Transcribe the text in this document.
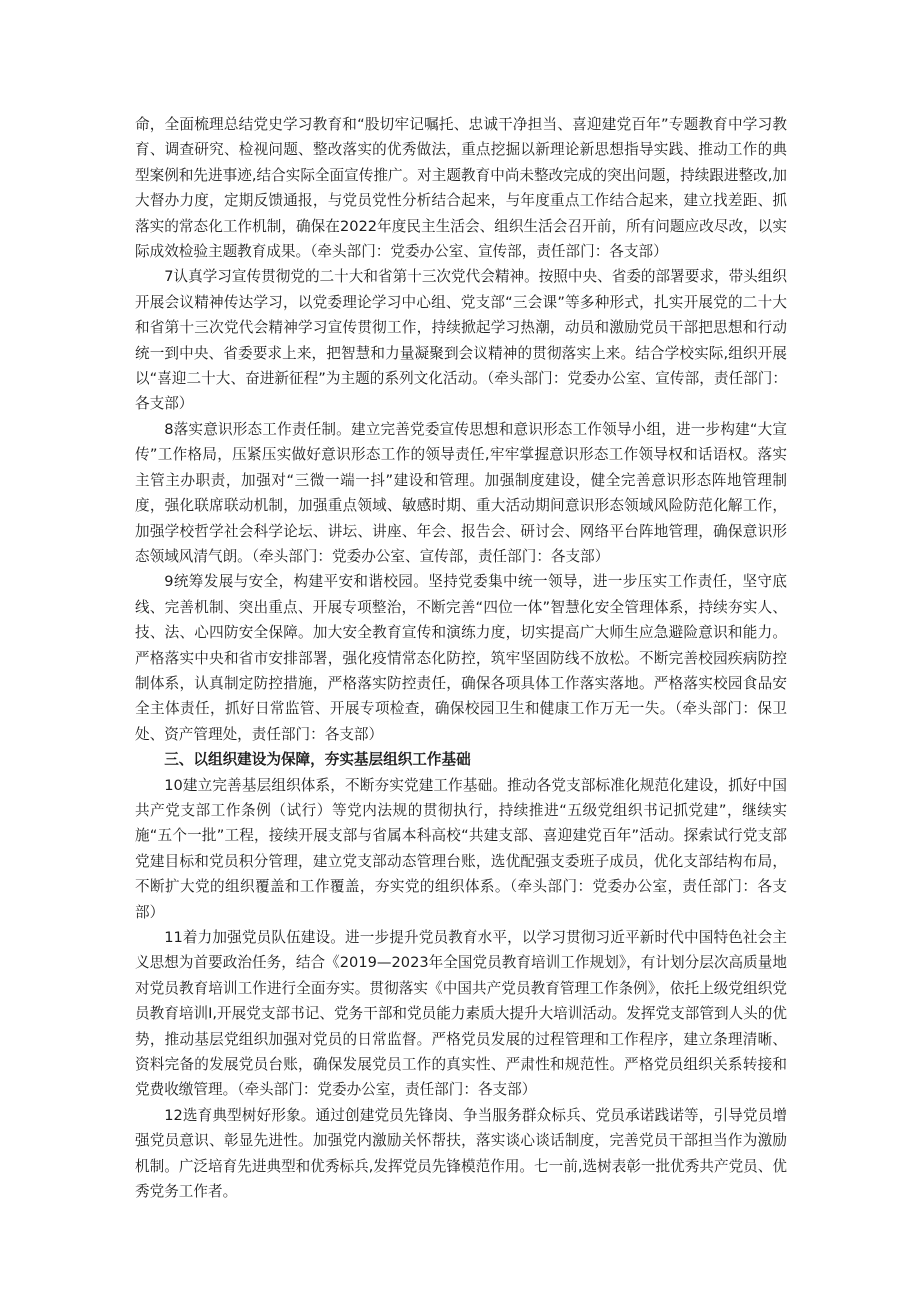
命，全面梳理总结党史学习教育和“股切牢记嘱托、忠诚干净担当、喜迎建党百年”专题教育中学习教育、调查研究、检视问题、整改落实的优秀做法，重点挖掘以新理论新思想指导实践、推动工作的典型案例和先进事迹,结合实际全面宣传推广。对主题教育中尚未整改完成的突出问题，持续跟进整改,加大督办力度，定期反馈通报，与党员党性分析结合起来，与年度重点工作结合起来，建立找差距、抓落实的常态化工作机制，确保在2022年度民主生活会、组织生活会召开前，所有问题应改尽改，以实际成效检验主题教育成果。（牵头部门：党委办公室、宣传部，责任部门：各支部）

7认真学习宣传贯彻党的二十大和省第十三次党代会精神。按照中央、省委的部署要求，带头组织开展会议精神传达学习，以党委理论学习中心组、党支部“三会课”等多种形式，扎实开展党的二十大和省第十三次党代会精神学习宣传贯彻工作，持续掀起学习热潮，动员和激励党员干部把思想和行动统一到中央、省委要求上来，把智慧和力量凝聚到会议精神的贯彻落实上来。结合学校实际,组织开展以“喜迎二十大、奋进新征程”为主题的系列文化活动。（牵头部门：党委办公室、宣传部，责任部门：各支部）

8落实意识形态工作责任制。建立完善党委宣传思想和意识形态工作领导小组，进一步构建“大宣传”工作格局，压紧压实做好意识形态工作的领导责任,牢牢掌握意识形态工作领导权和话语权。落实主管主办职责，加强对“三微一端一抖”建设和管理。加强制度建设，健全完善意识形态阵地管理制度，强化联席联动机制，加强重点领域、敏感时期、重大活动期间意识形态领域风险防范化解工作，加强学校哲学社会科学论坛、讲坛、讲座、年会、报告会、研讨会、网络平台阵地管理，确保意识形态领域风清气朗。（牵头部门：党委办公室、宣传部，责任部门：各支部）

9统筹发展与安全，构建平安和谐校园。坚持党委集中统一领导，进一步压实工作责任，坚守底线、完善机制、突出重点、开展专项整治，不断完善“四位一体”智慧化安全管理体系，持续夯实人、技、法、心四防安全保障。加大安全教育宣传和演练力度，切实提高广大师生应急避险意识和能力。严格落实中央和省市安排部署，强化疫情常态化防控，筑牢坚固防线不放松。不断完善校园疾病防控制体系，认真制定防控措施，严格落实防控责任，确保各项具体工作落实落地。严格落实校园食品安全主体责任，抓好日常监管、开展专项检查，确保校园卫生和健康工作万无一失。（牵头部门：保卫处、资产管理处，责任部门：各支部）

三、以组织建设为保障，夯实基层组织工作基础

10建立完善基层组织体系，不断夯实党建工作基础。推动各党支部标准化规范化建设，抓好中国共产党支部工作条例（试行）等党内法规的贯彻执行，持续推进“五级党组织书记抓党建”，继续实施“五个一批”工程，接续开展支部与省属本科高校“共建支部、喜迎建党百年”活动。探索试行党支部党建目标和党员积分管理，建立党支部动态管理台账，选优配强支委班子成员，优化支部结构布局，不断扩大党的组织覆盖和工作覆盖，夯实党的组织体系。（牵头部门：党委办公室，责任部门：各支部）

11着力加强党员队伍建设。进一步提升党员教育水平，以学习贯彻习近平新时代中国特色社会主义思想为首要政治任务，结合《2019—2023年全国党员教育培训工作规划》，有计划分层次高质量地对党员教育培训工作进行全面夯实。贯彻落实《中国共产党员教育管理工作条例》，依托上级党组织党员教育培训Ⅰ,开展党支部书记、党务干部和党员能力素质大提升大培训活动。发挥党支部管到人头的优势，推动基层党组织加强对党员的日常监督。严格党员发展的过程管理和工作程序，建立条理清晰、资料完备的发展党员台账，确保发展党员工作的真实性、严肃性和规范性。严格党员组织关系转接和党费收缴管理。（牵头部门：党委办公室，责任部门：各支部）

12选育典型树好形象。通过创建党员先锋岗、争当服务群众标兵、党员承诺践诺等，引导党员增强党员意识、彰显先进性。加强党内激励关怀帮扶，落实谈心谈话制度，完善党员干部担当作为激励机制。广泛培育先进典型和优秀标兵,发挥党员先锋模范作用。七一前,选树表彰一批优秀共产党员、优秀党务工作者。
